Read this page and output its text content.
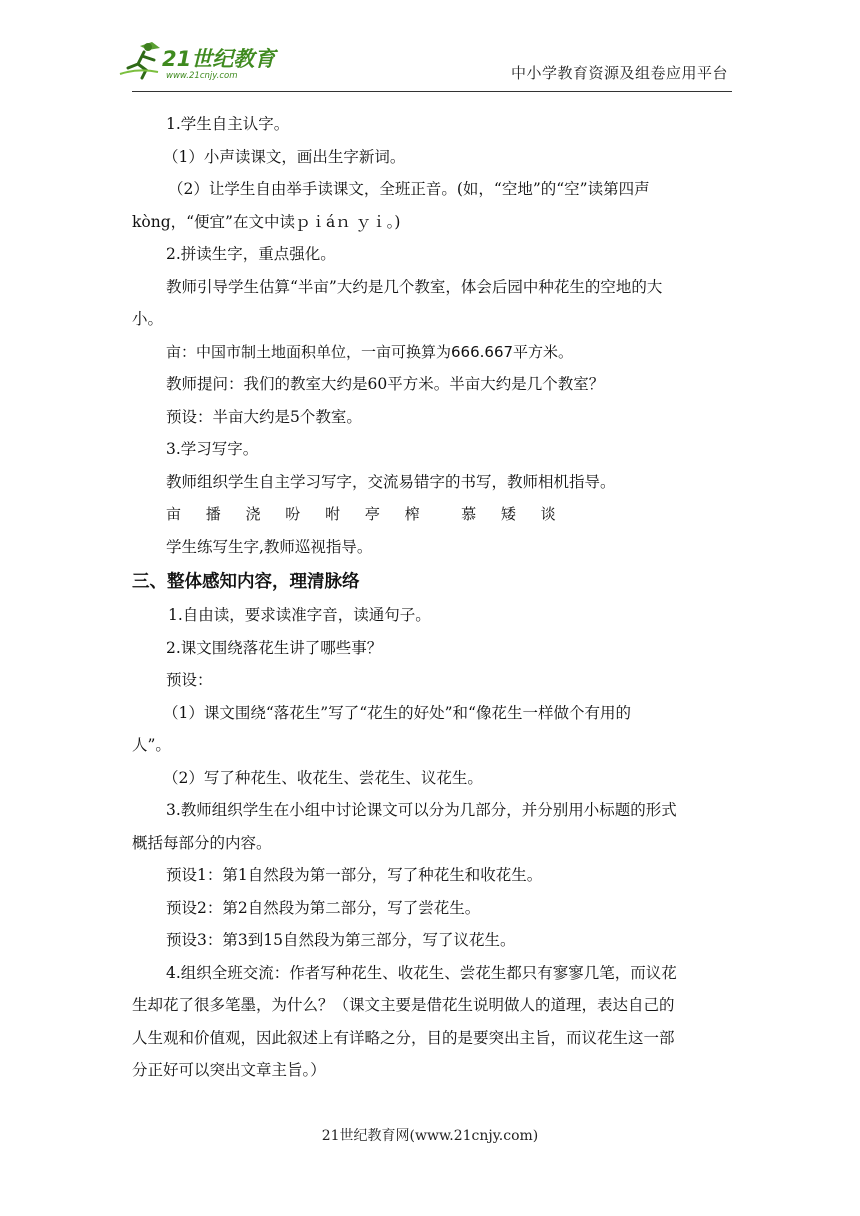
21世纪教育
www.21cnjy.com	中小学教育资源及组卷应用平台

1.学生自主认字。

（1）小声读课文，画出生字新词。

（2）让学生自由举手读课文，全班正音。(如，“空地”的“空”读第四声

kòng，“便宜”在文中读ｐｉáｎ ｙｉ。)

2.拼读生字，重点强化。

教师引导学生估算“半亩”大约是几个教室，体会后园中种花生的空地的大

小。

亩：中国市制土地面积单位，一亩可换算为666.667平方米。

教师提问：我们的教室大约是60平方米。半亩大约是几个教室？

预设：半亩大约是5个教室。

3.学习写字。

教师组织学生自主学习写字，交流易错字的书写，教师相机指导。

亩 播 浇 吩 咐 亭 榨  慕 矮 谈

学生练写生字,教师巡视指导。

三、整体感知内容，理清脉络

1.自由读，要求读准字音，读通句子。

2.课文围绕落花生讲了哪些事？

预设：

（1）课文围绕“落花生”写了“花生的好处”和“像花生一样做个有用的

人”。

（2）写了种花生、收花生、尝花生、议花生。

3.教师组织学生在小组中讨论课文可以分为几部分，并分别用小标题的形式

概括每部分的内容。

预设1：第1自然段为第一部分，写了种花生和收花生。

预设2：第2自然段为第二部分，写了尝花生。

预设3：第3到15自然段为第三部分，写了议花生。

4.组织全班交流：作者写种花生、收花生、尝花生都只有寥寥几笔，而议花

生却花了很多笔墨，为什么？（课文主要是借花生说明做人的道理，表达自己的

人生观和价值观，因此叙述上有详略之分，目的是要突出主旨，而议花生这一部

分正好可以突出文章主旨。）

21世纪教育网(www.21cnjy.com)
